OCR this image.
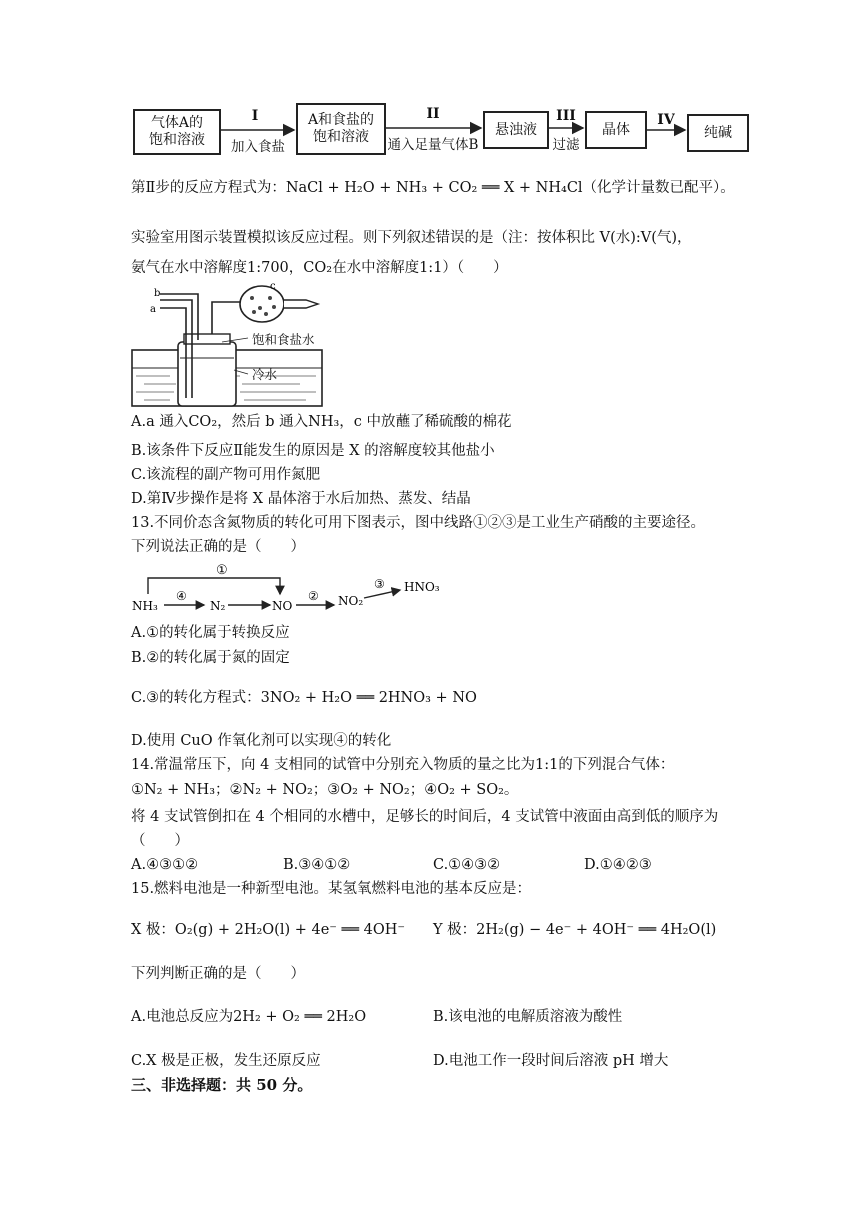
气体A的
饱和溶液
A和食盐的
饱和溶液	悬浊液	晶体	纯碱
I
加入食盐
II
通入足量气体B
III
过滤
IV
第Ⅱ步的反应方程式为：NaCl + H₂O + NH₃ + CO₂ ══ X + NH₄Cl（化学计量数已配平）。
实验室用图示装置模拟该反应过程。则下列叙述错误的是（注：按体积比 V(水):V(气)，
氨气在水中溶解度1:700，CO₂在水中溶解度1:1）（　　）
b
a
c
饱和食盐水
冷水
A.a 通入CO₂，然后 b 通入NH₃，c 中放蘸了稀硫酸的棉花
B.该条件下反应Ⅱ能发生的原因是 X 的溶解度较其他盐小
C.该流程的副产物可用作氮肥
D.第Ⅳ步操作是将 X 晶体溶于水后加热、蒸发、结晶
13.不同价态含氮物质的转化可用下图表示，图中线路①②③是工业生产硝酸的主要途径。
下列说法正确的是（　　）
①
NH₃
④
N₂	NO
② NO₂
③ HNO₃
A.①的转化属于转换反应
B.②的转化属于氮的固定
C.③的转化方程式：3NO₂ + H₂O ══ 2HNO₃ + NO
D.使用 CuO 作氧化剂可以实现④的转化
14.常温常压下，向 4 支相同的试管中分别充入物质的量之比为1:1的下列混合气体：
①N₂ + NH₃；②N₂ + NO₂；③O₂ + NO₂；④O₂ + SO₂。
将 4 支试管倒扣在 4 个相同的水槽中，足够长的时间后，4 支试管中液面由高到低的顺序为
（　　）
A.④③①②	B.③④①②	C.①④③②	D.①④②③
15.燃料电池是一种新型电池。某氢氧燃料电池的基本反应是：
X 极：O₂(g) + 2H₂O(l) + 4e⁻ ══ 4OH⁻ Y 极：2H₂(g) − 4e⁻ + 4OH⁻ ══ 4H₂O(l)
下列判断正确的是（　　）
A.电池总反应为2H₂ + O₂ ══ 2H₂O	B.该电池的电解质溶液为酸性
C.X 极是正极，发生还原反应	D.电池工作一段时间后溶液 pH 增大
三、非选择题：共 50 分。
